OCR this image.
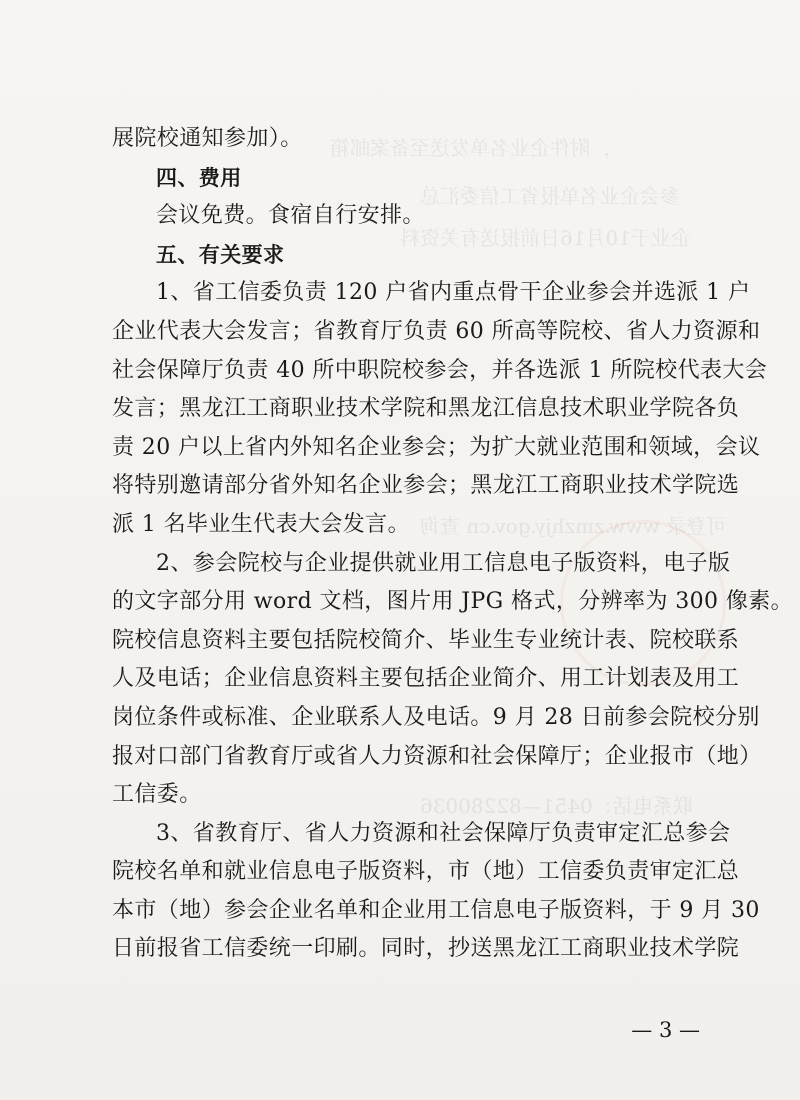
，附件企业名单发送至备案邮箱
参会企业名单报省工信委汇总
企业于10月16日前报送有关资料
可登录 www.zmzhjy.gov.cn 查询
联系电话：0451—82280036
展院校通知参加）。
四、费用
会议免费。食宿自行安排。
五、有关要求
1、省工信委负责 120 户省内重点骨干企业参会并选派 1 户
企业代表大会发言；省教育厅负责 60 所高等院校、省人力资源和
社会保障厅负责 40 所中职院校参会，并各选派 1 所院校代表大会
发言；黑龙江工商职业技术学院和黑龙江信息技术职业学院各负
责 20 户以上省内外知名企业参会；为扩大就业范围和领域，会议
将特别邀请部分省外知名企业参会；黑龙江工商职业技术学院选
派 1 名毕业生代表大会发言。
2、参会院校与企业提供就业用工信息电子版资料，电子版
的文字部分用 word 文档，图片用 JPG 格式，分辨率为 300 像素。
院校信息资料主要包括院校简介、毕业生专业统计表、院校联系
人及电话；企业信息资料主要包括企业简介、用工计划表及用工
岗位条件或标准、企业联系人及电话。9 月 28 日前参会院校分别
报对口部门省教育厅或省人力资源和社会保障厅；企业报市（地）
工信委。
3、省教育厅、省人力资源和社会保障厅负责审定汇总参会
院校名单和就业信息电子版资料，市（地）工信委负责审定汇总
本市（地）参会企业名单和企业用工信息电子版资料，于 9 月 30
日前报省工信委统一印刷。同时，抄送黑龙江工商职业技术学院
— 3 —
